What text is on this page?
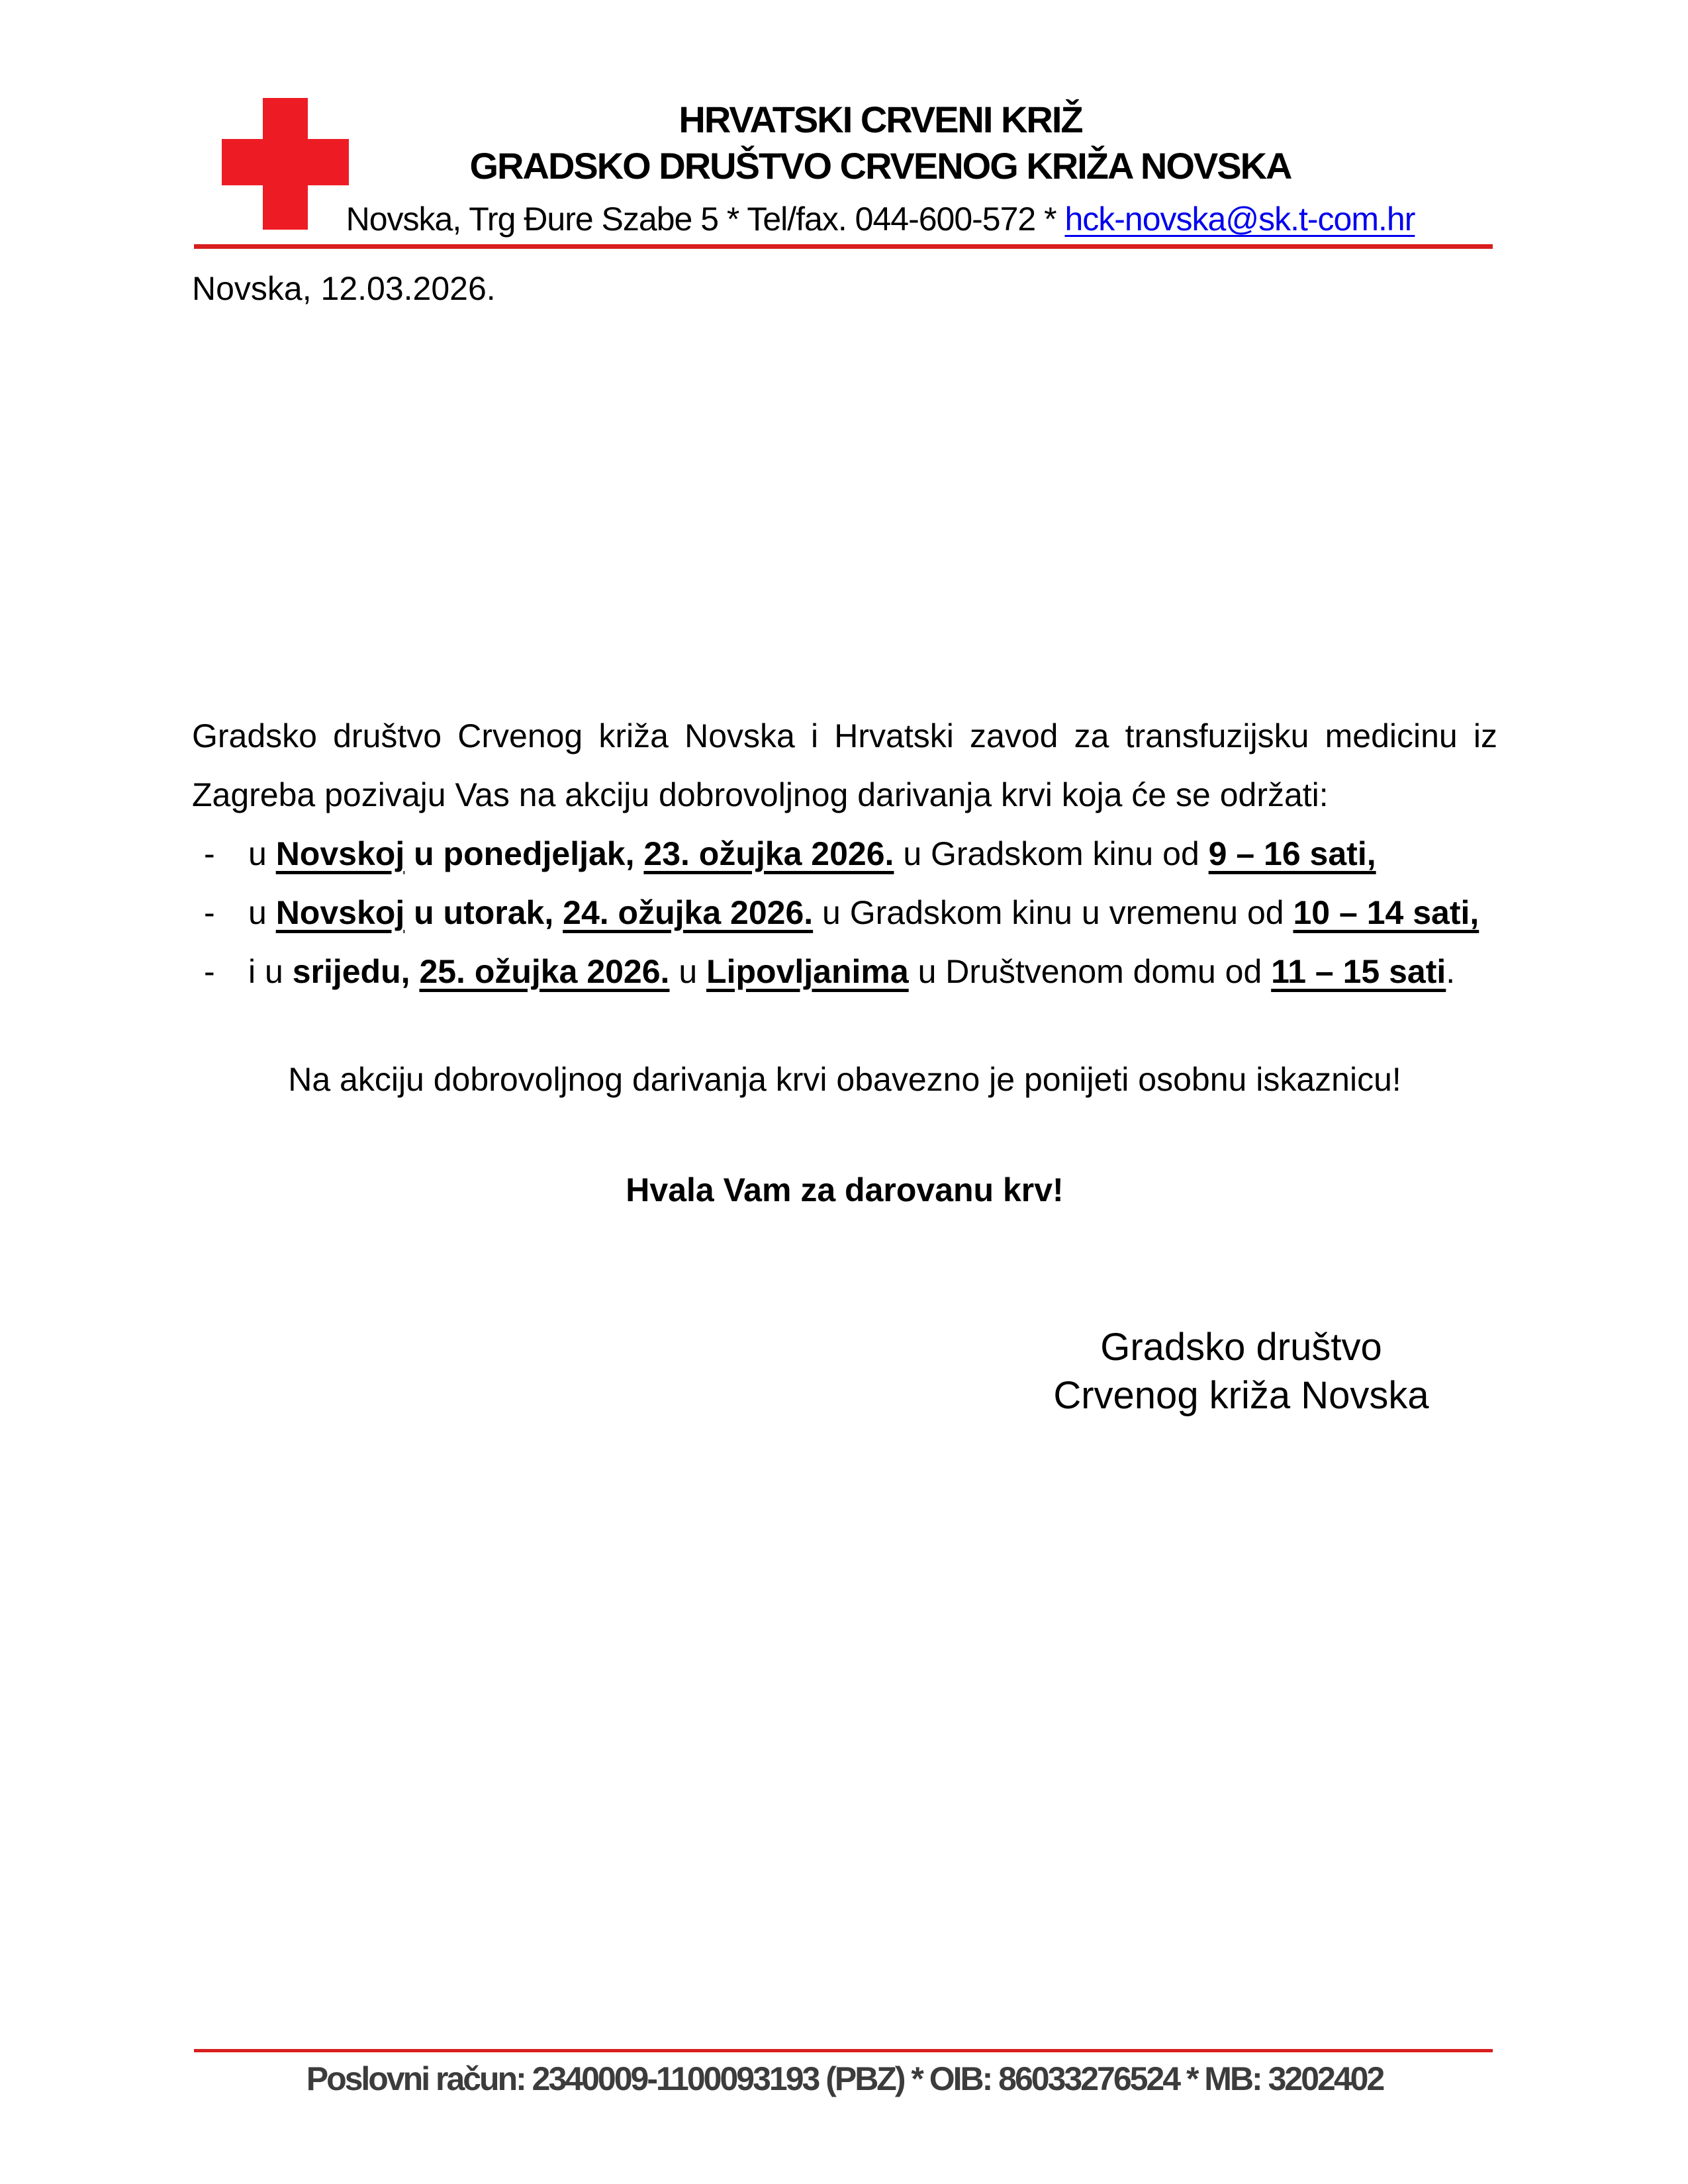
HRVATSKI CRVENI KRIŽ
GRADSKO DRUŠTVO CRVENOG KRIŽA NOVSKA
Novska, Trg Đure Szabe 5 * Tel/fax. 044-600-572 * hck-novska@sk.t-com.hr
Novska, 12.03.2026.
Gradsko društvo Crvenog križa Novska i Hrvatski zavod za transfuzijsku medicinu iz
Zagreba pozivaju Vas na akciju dobrovoljnog darivanja krvi koja će se održati:
-	u Novskoj u ponedjeljak, 23. ožujka 2026. u Gradskom kinu od 9 – 16 sati,
-	u Novskoj u utorak, 24. ožujka 2026. u Gradskom kinu u vremenu od 10 – 14 sati,
-	i u srijedu, 25. ožujka 2026. u Lipovljanima u Društvenom domu od 11 – 15 sati.
Na akciju dobrovoljnog darivanja krvi obavezno je ponijeti osobnu iskaznicu!
Hvala Vam za darovanu krv!
Gradsko društvo
Crvenog križa Novska
Poslovni račun: 2340009-1100093193 (PBZ) * OIB: 86033276524 * MB: 3202402
